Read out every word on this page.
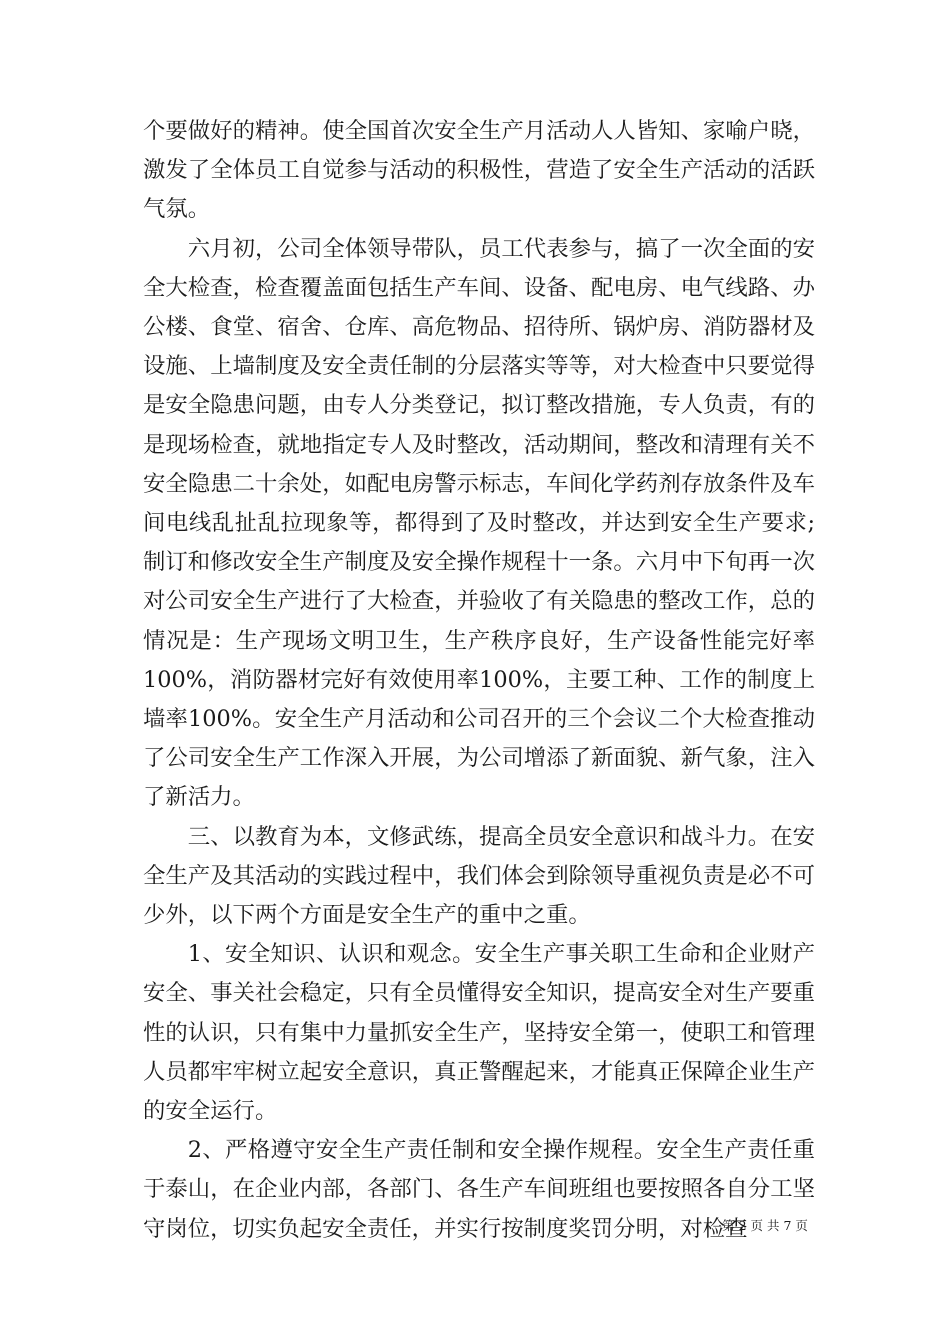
个要做好的精神。使全国首次安全生产月活动人人皆知、家喻户晓，激发了全体员工自觉参与活动的积极性，营造了安全生产活动的活跃气氛。

六月初，公司全体领导带队，员工代表参与，搞了一次全面的安全大检查，检查覆盖面包括生产车间、设备、配电房、电气线路、办公楼、食堂、宿舍、仓库、高危物品、招待所、锅炉房、消防器材及设施、上墙制度及安全责任制的分层落实等等，对大检查中只要觉得是安全隐患问题，由专人分类登记，拟订整改措施，专人负责，有的是现场检查，就地指定专人及时整改，活动期间，整改和清理有关不安全隐患二十余处，如配电房警示标志，车间化学药剂存放条件及车间电线乱扯乱拉现象等，都得到了及时整改，并达到安全生产要求;制订和修改安全生产制度及安全操作规程十一条。六月中下旬再一次对公司安全生产进行了大检查，并验收了有关隐患的整改工作，总的情况是：生产现场文明卫生，生产秩序良好，生产设备性能完好率100%，消防器材完好有效使用率100%，主要工种、工作的制度上墙率100%。安全生产月活动和公司召开的三个会议二个大检查推动了公司安全生产工作深入开展，为公司增添了新面貌、新气象，注入了新活力。

三、以教育为本，文修武练，提高全员安全意识和战斗力。在安全生产及其活动的实践过程中，我们体会到除领导重视负责是必不可少外，以下两个方面是安全生产的重中之重。

1、安全知识、认识和观念。安全生产事关职工生命和企业财产安全、事关社会稳定，只有全员懂得安全知识，提高安全对生产要重性的认识，只有集中力量抓安全生产，坚持安全第一，使职工和管理人员都牢牢树立起安全意识，真正警醒起来，才能真正保障企业生产的安全运行。

2、严格遵守安全生产责任制和安全操作规程。安全生产责任重于泰山，在企业内部，各部门、各生产车间班组也要按照各自分工坚守岗位，切实负起安全责任，并实行按制度奖罚分明，对检查

第 2 页 共 7 页
